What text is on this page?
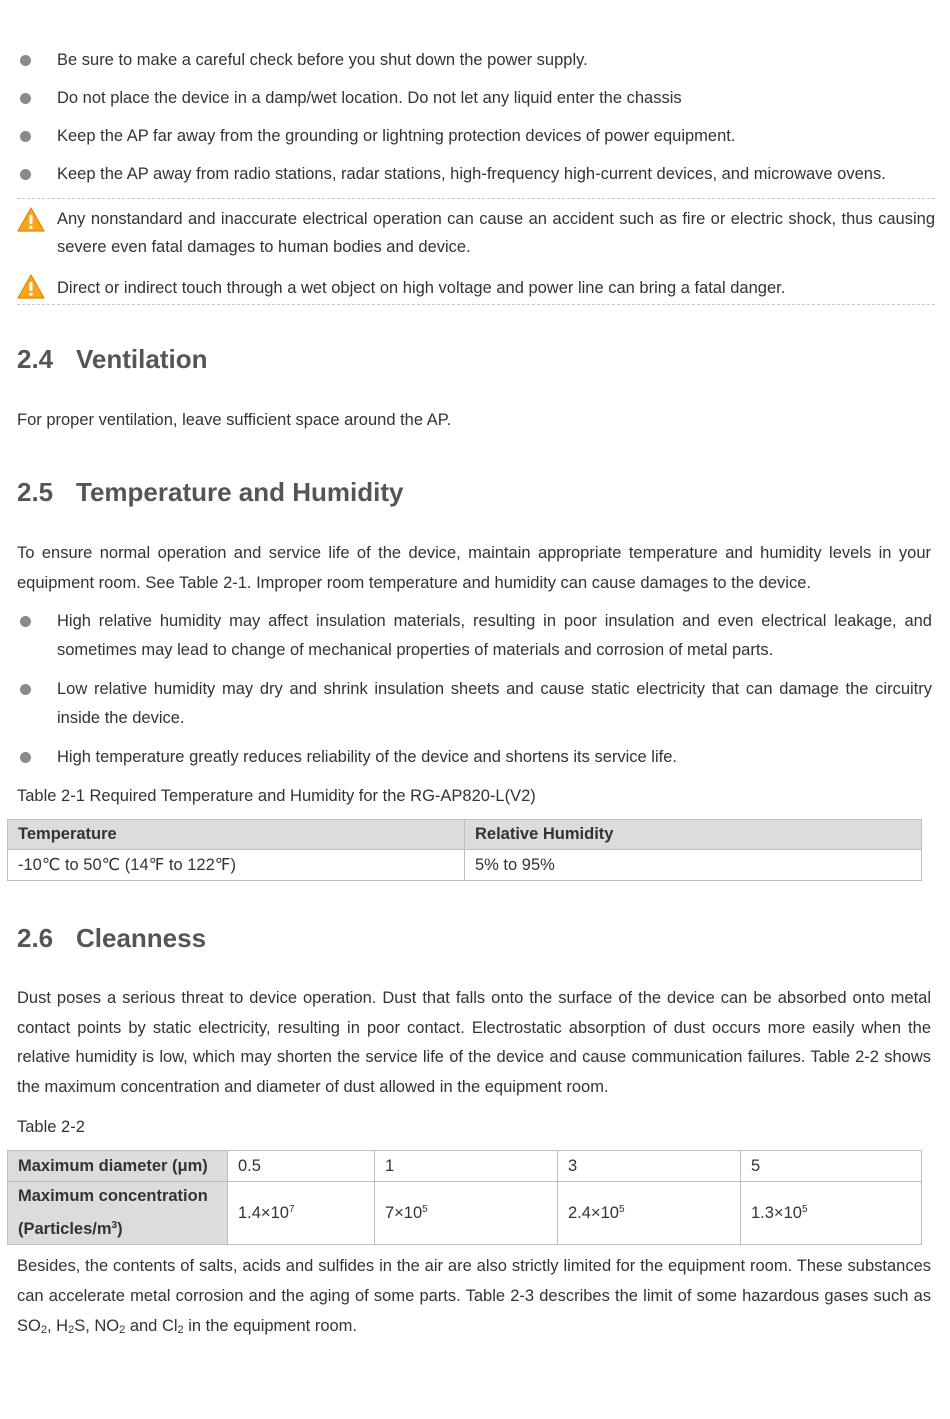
Be sure to make a careful check before you shut down the power supply.
Do not place the device in a damp/wet location. Do not let any liquid enter the chassis
Keep the AP far away from the grounding or lightning protection devices of power equipment.
Keep the AP away from radio stations, radar stations, high-frequency high-current devices, and microwave ovens.
Any nonstandard and inaccurate electrical operation can cause an accident such as fire or electric shock, thus causing severe even fatal damages to human bodies and device.
Direct or indirect touch through a wet object on high voltage and power line can bring a fatal danger.
2.4 Ventilation
For proper ventilation, leave sufficient space around the AP.
2.5 Temperature and Humidity
To ensure normal operation and service life of the device, maintain appropriate temperature and humidity levels in your equipment room. See Table 2-1. Improper room temperature and humidity can cause damages to the device.
High relative humidity may affect insulation materials, resulting in poor insulation and even electrical leakage, and sometimes may lead to change of mechanical properties of materials and corrosion of metal parts.
Low relative humidity may dry and shrink insulation sheets and cause static electricity that can damage the circuitry inside the device.
High temperature greatly reduces reliability of the device and shortens its service life.
Table 2-1 Required Temperature and Humidity for the RG-AP820-L(V2)
Temperature	Relative Humidity
-10℃ to 50℃ (14℉ to 122℉)	5% to 95%
2.6 Cleanness
Dust poses a serious threat to device operation. Dust that falls onto the surface of the device can be absorbed onto metal contact points by static electricity, resulting in poor contact. Electrostatic absorption of dust occurs more easily when the relative humidity is low, which may shorten the service life of the device and cause communication failures. Table 2-2 shows the maximum concentration and diameter of dust allowed in the equipment room.
Table 2-2
Maximum diameter (μm)	0.5	1	3	5
Maximum concentration
$(Particles/m^3)$	$1.4\times 10^7$	$7\times 10^5$	$2.4\times 10^5$	$1.3\times 10^5$
Besides, the contents of salts, acids and sulfides in the air are also strictly limited for the equipment room. These substances can accelerate metal corrosion and the aging of some parts. Table 2-3 describes the limit of some hazardous gases such as $SO_2$, $H_2S$, $NO_2$ and $Cl_2$ in the equipment room.
